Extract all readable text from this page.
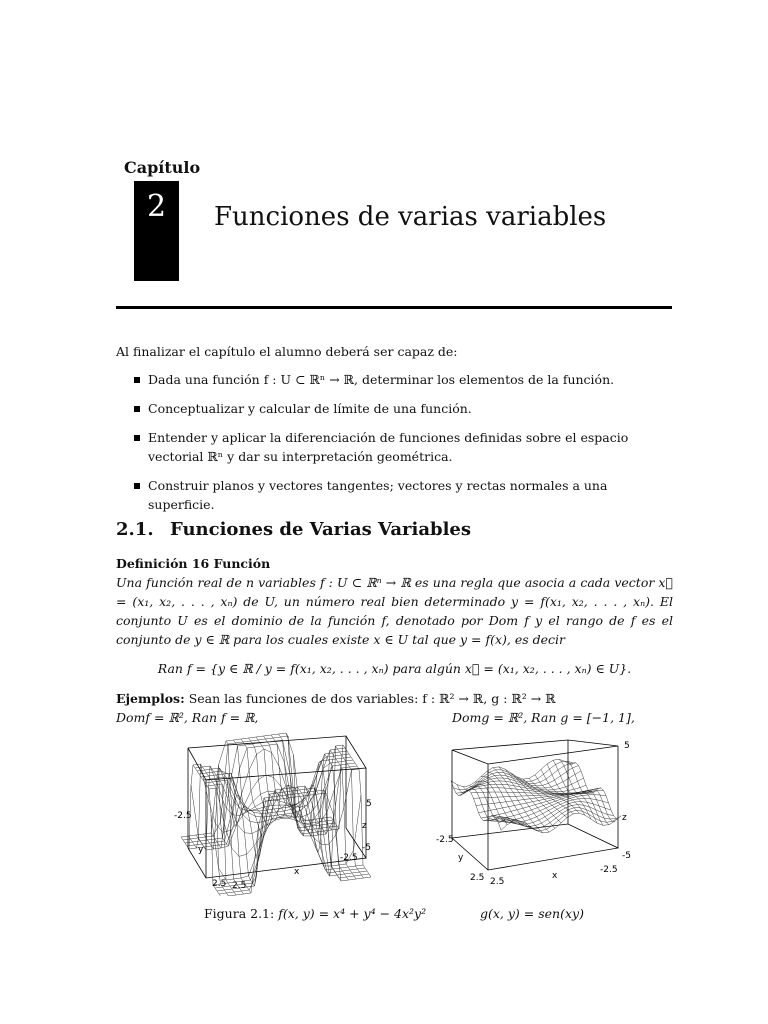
Capítulo
2	Funciones de varias variables
Al finalizar el capítulo el alumno deberá ser capaz de:
Dada una función f : U ⊂ ℝⁿ → ℝ, determinar los elementos de la función.
Conceptualizar y calcular de límite de una función.
Entender y aplicar la diferenciación de funciones definidas sobre el espacio vectorial ℝⁿ y dar su interpretación geométrica.
Construir planos y vectores tangentes; vectores y rectas normales a una superficie.
2.1. Funciones de Varias Variables
Definición 16 Función
Una función real de n variables f : U ⊂ ℝⁿ → ℝ es una regla que asocia a cada vector x⃗ = (x₁, x₂, . . . , xₙ) de U, un número real bien determinado y = f(x₁, x₂, . . . , xₙ). El conjunto U es el dominio de la función f, denotado por Dom f y el rango de f es el conjunto de y ∈ ℝ para los cuales existe x ∈ U tal que y = f(x), es decir
Ran f = {y ∈ ℝ / y = f(x₁, x₂, . . . , xₙ) para algún x⃗ = (x₁, x₂, . . . , xₙ) ∈ U}.
Ejemplos: Sean las funciones de dos variables: f : ℝ² → ℝ, g : ℝ² → ℝ
Domf = ℝ², Ran f = ℝ,	Domg = ℝ², Ran g = [−1, 1],
-2.5
y
2.5 2.5
x
-2.5
5
z
-5
-2.5
y
2.5 2.5
x
-2.5
5
z
-5
Figura 2.1: f(x, y) = x⁴ + y⁴ − 4x²y²	g(x, y) = sen(xy)
